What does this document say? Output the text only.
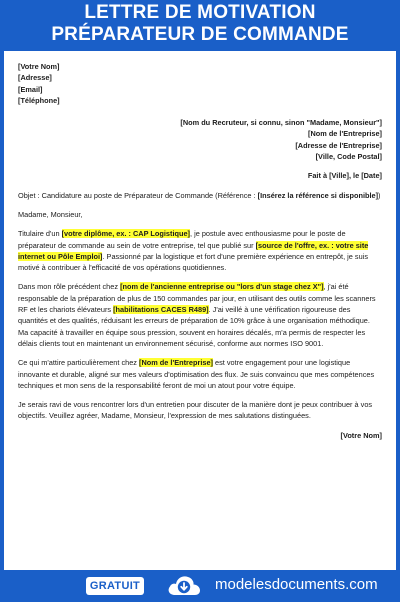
LETTRE DE MOTIVATION
PRÉPARATEUR DE COMMANDE
[Votre Nom]
[Adresse]
[Email]
[Téléphone]
[Nom du Recruteur, si connu, sinon "Madame, Monsieur"]
[Nom de l'Entreprise]
[Adresse de l'Entreprise]
[Ville, Code Postal]
Fait à [Ville], le [Date]

Objet : Candidature au poste de Préparateur de Commande (Référence : [Insérez la référence si disponible])

Madame, Monsieur,

Titulaire d'un [votre diplôme, ex. : CAP Logistique], je postule avec enthousiasme pour le poste de préparateur de commande au sein de votre entreprise, tel que publié sur [source de l'offre, ex. : votre site internet ou Pôle Emploi]. Passionné par la logistique et fort d'une première expérience en entrepôt, je suis motivé à contribuer à l'efficacité de vos opérations quotidiennes.

Dans mon rôle précédent chez [nom de l'ancienne entreprise ou "lors d'un stage chez X"], j'ai été responsable de la préparation de plus de 150 commandes par jour, en utilisant des outils comme les scanners RF et les chariots élévateurs [habilitations CACES R489]. J'ai veillé à une vérification rigoureuse des quantités et des qualités, réduisant les erreurs de préparation de 10% grâce à une organisation méthodique. Ma capacité à travailler en équipe sous pression, souvent en horaires décalés, m'a permis de respecter les délais clients tout en maintenant un environnement sécurisé, conforme aux normes ISO 9001.

Ce qui m'attire particulièrement chez [Nom de l'Entreprise] est votre engagement pour une logistique innovante et durable, aligné sur mes valeurs d'optimisation des flux. Je suis convaincu que mes compétences techniques et mon sens de la responsabilité feront de moi un atout pour votre équipe.

Je serais ravi de vous rencontrer lors d'un entretien pour discuter de la manière dont je peux contribuer à vos objectifs. Veuillez agréer, Madame, Monsieur, l'expression de mes salutations distinguées.

[Votre Nom]
GRATUIT	modelesdocuments.com
